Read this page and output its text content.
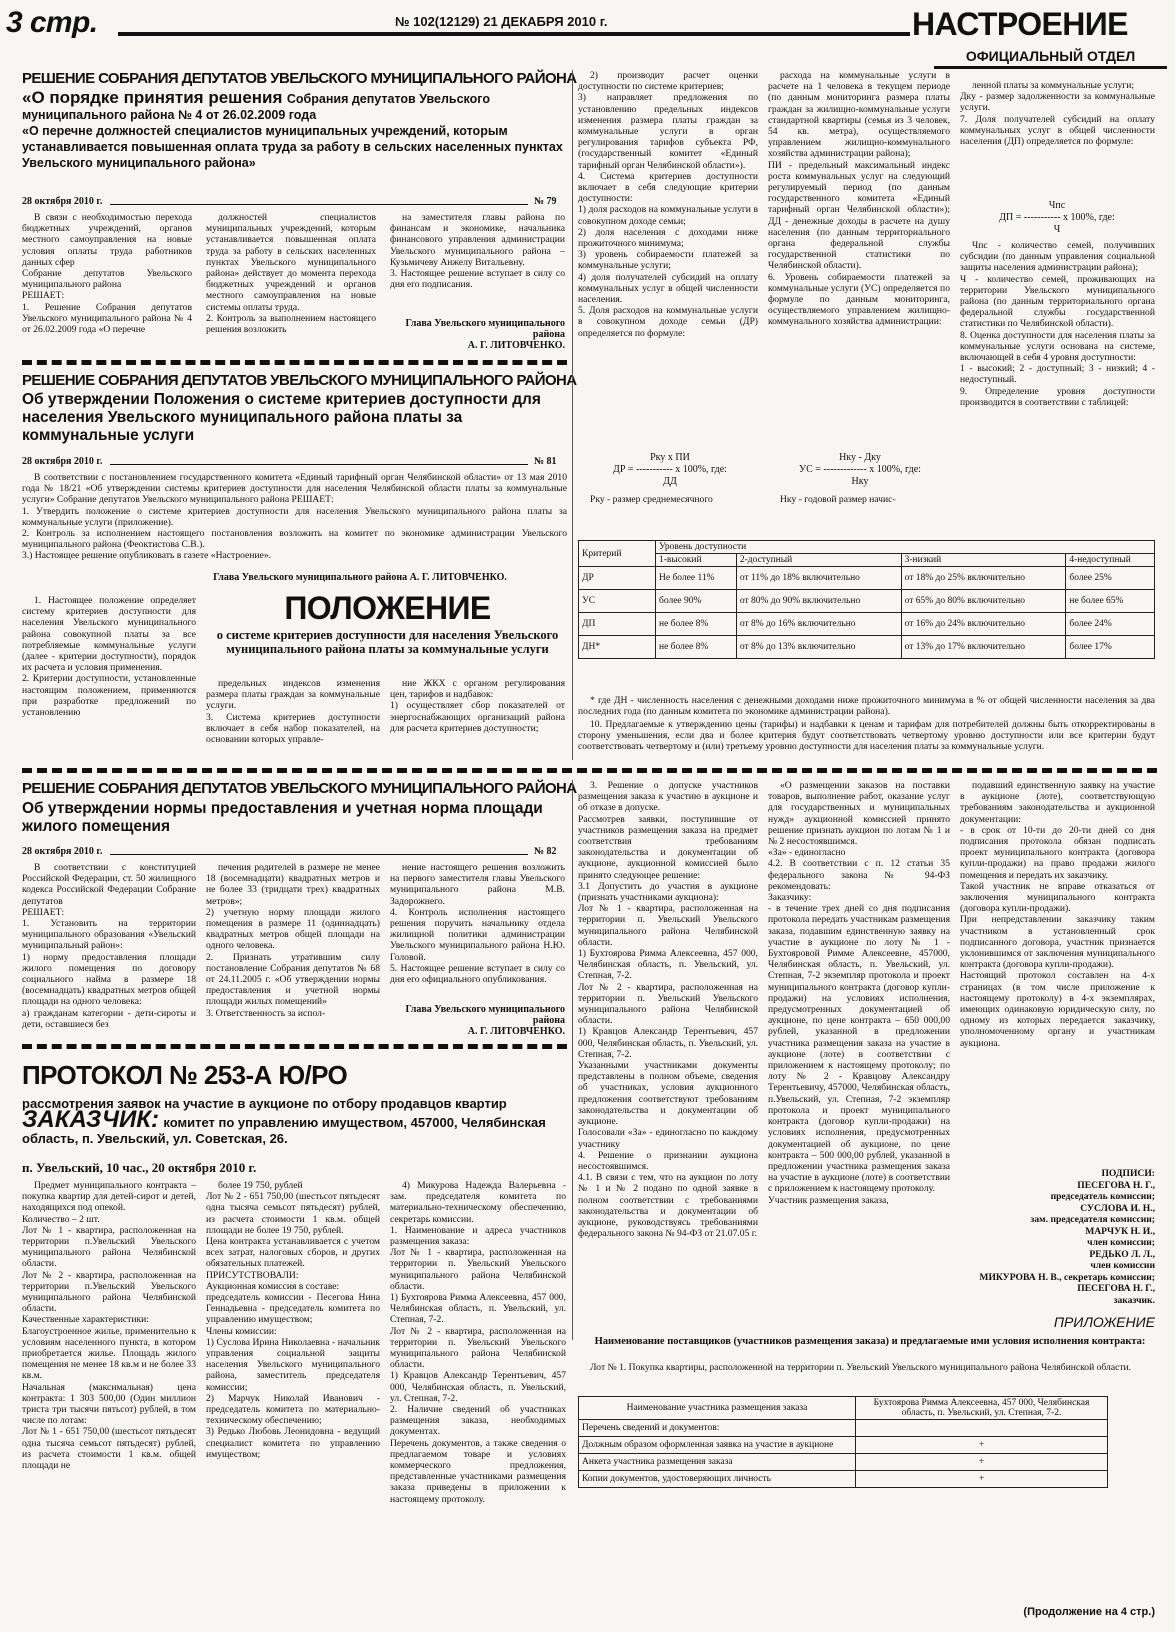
3 стр.	№ 102(12129) 21 ДЕКАБРЯ 2010 г.	НАСТРОЕНИЕ
ОФИЦИАЛЬНЫЙ ОТДЕЛ
РЕШЕНИЕ СОБРАНИЯ ДЕПУТАТОВ УВЕЛЬСКОГО МУНИЦИПАЛЬНОГО РАЙОНА
«О порядке принятия решения Собрания депутатов Увельского муниципального района № 4 от 26.02.2009 года
«О перечне должностей специалистов муниципальных учреждений, которым устанавливается повышенная оплата труда за работу в сельских населенных пунктах Увельского муниципального района»
28 октября 2010 г.	№ 79

В связи с необходимостью перехода бюджетных учреждений, органов местного самоуправления на новые условия оплаты труда работников данных сфер
Собрание депутатов Увельского муниципального района
РЕШАЕТ:
1. Решение Собрания депутатов Увельского муниципального района № 4 от 26.02.2009 года «О перечне

должностей специалистов муниципальных учреждений, которым устанавливается повышенная оплата труда за работу в сельских населенных пунктах Увельского муниципального района» действует до момента перехода бюджетных учреждений и органов местного самоуправления на новые системы оплаты труда.
2. Контроль за выполнением настоящего решения возложить

на заместителя главы района по финансам и экономике, начальника финансового управления администрации Увельского муниципального района – Кузьмичеву Анжелу Витальевну.
3. Настоящее решение вступает в силу со дня его подписания.

Глава Увельского муниципального района
А. Г. ЛИТОВЧЕНКО.
РЕШЕНИЕ СОБРАНИЯ ДЕПУТАТОВ УВЕЛЬСКОГО МУНИЦИПАЛЬНОГО РАЙОНА
Об утверждении Положения о системе критериев доступности для населения Увельского муниципального района платы за коммунальные услуги
28 октября 2010 г.	№ 81

В соответствии с постановлением государственного комитета «Единый тарифный орган Челябинской области» от 13 мая 2010 года № 18/21 «Об утверждении системы критериев доступности для населения Челябинской области платы за коммунальные услуги» Собрание депутатов Увельского муниципального района РЕШАЕТ:
1. Утвердить положение о системе критериев доступности для населения Увельского муниципального района платы за коммунальные услуги (приложение).
2. Контроль за исполнением настоящего постановления возложить на комитет по экономике администрации Увельского муниципального района (Феоктистова С.В.).
3.) Настоящее решение опубликовать в газете «Настроение».

Глава Увельского муниципального района А. Г. ЛИТОВЧЕНКО.
ПОЛОЖЕНИЕ
о системе критериев доступности для населения Увельского муниципального района платы за коммунальные услуги

1. Настоящее положение определяет систему критериев доступности для населения Увельского муниципального района совокупной платы за все потребляемые коммунальные услуги (далее - критерии доступности), порядок их расчета и условия применения.
2. Критерии доступности, установленные настоящим положением, применяются при разработке предложений по установлению

предельных индексов изменения размера платы граждан за коммунальные услуги.
3. Система критериев доступности включает в себя набор показателей, на основании которых управле-

ние ЖКХ с органом регулирования цен, тарифов и надбавок:
1) осуществляет сбор показателей от энергоснабжающих организаций района для расчета критериев доступности;

2) производит расчет оценки доступности по системе критериев;
3) направляет предложения по установлению предельных индексов изменения размера платы граждан за коммунальные услуги в орган регулирования тарифов субъекта РФ, (государственный комитет «Единый тарифный орган Челябинской области»).
4. Система критериев доступности включает в себя следующие критерии доступности:
1) доля расходов на коммунальные услуги в совокупном доходе семьи;
2) доля населения с доходами ниже прожиточного минимума;
3) уровень собираемости платежей за коммунальные услуги;
4) доля получателей субсидий на оплату коммунальных услуг в общей численности населения.
5. Доля расходов на коммунальные услуги в совокупном доходе семьи (ДР) определяется по формуле:

Рку х ПИ
ДР = ----------- х 100%, где:
ДД

Рку - размер среднемесячного

расхода на коммунальные услуги в расчете на 1 человека в текущем периоде (по данным мониторинга размера платы граждан за жилищно-коммунальные услуги стандартной квартиры (семья из 3 человек, 54 кв. метра), осуществляемого управлением жилищно-коммунального хозяйства администрации района);
ПИ - предельный максимальный индекс роста коммунальных услуг на следующий регулируемый период (по данным государственного комитета «Единый тарифный орган Челябинской области»); ДД - денежные доходы в расчете на душу населения (по данным территориального органа федеральной службы государственной статистики по Челябинской области).
6. Уровень собираемости платежей за коммунальные услуги (УС) определяется по формуле по данным мониторинга, осуществляемого управлением жилищно-коммунального хозяйства администрации:

Нку - Дку
УС = ------------- х 100%, где:
Нку

Нку - годовой размер начис-

ленной платы за коммунальные услуги;
Дку - размер задолженности за коммунальные услуги.
7. Доля получателей субсидий на оплату коммунальных услуг в общей численности населения (ДП) определяется по формуле:

Чпс
ДП = ----------- х 100%, где:
Ч

Чпс - количество семей, получивших субсидии (по данным управления социальной защиты населения администрации района);
Ч - количество семей, проживающих на территории Увельского муниципального района (по данным территориального органа федеральной службы государственной статистики по Челябинской области).
8. Оценка доступности для населения платы за коммунальные услуги основана на системе, включающей в себя 4 уровня доступности:
1 - высокий; 2 - доступный; 3 - низкий; 4 - недоступный.
9. Определение уровня доступности производится в соответствии с таблицей:

Критерий	Уровень доступности			
	1-высокий	2-доступный	3-низкий	4-недоступный
ДР	Не более 11%	от 11% до 18% включительно	от 18% до 25% включительно	более 25%
УС	более 90%	от 80% до 90% включительно	от 65% до 80% включительно	не более 65%
ДП	не более 8%	от 8% до 16% включительно	от 16% до 24% включительно	более 24%
ДН*	не более 8%	от 8% до 13% включительно	от 13% до 17% включительно	более 17%

* где ДН - численность населения с денежными доходами ниже прожиточного минимума в % от общей численности населения за два последних года (по данным комитета по экономике администрации района).

10. Предлагаемые к утверждению цены (тарифы) и надбавки к ценам и тарифам для потребителей должны быть откорректированы в сторону уменьшения, если два и более критерия будут соответствовать четвертому уровню доступности или все критерии будут соответствовать четвертому и (или) третьему уровню доступности для населения платы за коммунальные услуги.

РЕШЕНИЕ СОБРАНИЯ ДЕПУТАТОВ УВЕЛЬСКОГО МУНИЦИПАЛЬНОГО РАЙОНА
Об утверждении нормы предоставления и учетная норма площади жилого помещения
28 октября 2010 г.	№ 82

В соответствии с конституцией Российской Федерации, ст. 50 жилищного кодекса Российской Федерации Собрание депутатов
РЕШАЕТ:
1. Установить на территории муниципального образования «Увельский муниципальный район»:
1) норму предоставления площади жилого помещения по договору социального найма в размере 18 (восемнадцать) квадратных метров общей площади на одного человека:
а) гражданам категории - дети-сироты и дети, оставшиеся без

печения родителей в размере не менее 18 (восемнадцати) квадратных метров и не более 33 (тридцати трех) квадратных метров»;
2) учетную норму площади жилого помещения в размере 11 (одиннадцать) квадратных метров общей площади на одного человека.
2. Признать утратившим силу постановление Собрания депутатов № 68 от 24.11.2005 г. «Об утверждении нормы предоставления и учетной нормы площади жилых помещений»
3. Ответственность за испол-

нение настоящего решения возложить на первого заместителя главы Увельского муниципального района М.В. Задорожнего.
4. Контроль исполнения настоящего решения поручить начальнику отдела жилищной политики администрации Увельского муниципального района Н.Ю. Головой.
5. Настоящее решение вступает в силу со дня его официального опубликования.

Глава Увельского муниципального района
А. Г. ЛИТОВЧЕНКО.
ПРОТОКОЛ № 253-А Ю/РО
рассмотрения заявок на участие в аукционе по отбору продавцов квартир
ЗАКАЗЧИК: комитет по управлению имуществом, 457000, Челябинская область, п. Увельский, ул. Советская, 26.
п. Увельский, 10 час., 20 октября 2010 г.

Предмет муниципального контракта – покупка квартир для детей-сирот и детей, находящихся под опекой.
Количество – 2 шт.
Лот № 1 - квартира, расположенная на территории п.Увельский Увельского муниципального района Челябинской области.
Лот № 2 - квартира, расположенная на территории п.Увельский Увельского муниципального района Челябинской области.
Качественные характеристики:
Благоустроенное жилье, применительно к условиям населенного пункта, в котором приобретается жилье. Площадь жилого помещения не менее 18 кв.м и не более 33 кв.м.
Начальная (максимальная) цена контракта: 1 303 500,00 (Один миллион триста три тысячи пятьсот) рублей, в том числе по лотам:
Лот № 1 - 651 750,00 (шестьсот пятьдесят одна тысяча семьсот пятьдесят) рублей, из расчета стоимости 1 кв.м. общей площади не

более 19 750, рублей
Лот № 2 - 651 750,00 (шестьсот пятьдесят одна тысяча семьсот пятьдесят) рублей, из расчета стоимости 1 кв.м. общей площади не более 19 750, рублей.
Цена контракта устанавливается с учетом всех затрат, налоговых сборов, и других обязательных платежей.
ПРИСУТСТВОВАЛИ:
Аукционная комиссия в составе:
председатель комиссии - Песегова Нина Геннадьевна - председатель комитета по управлению имуществом;
Члены комиссии:
1) Суслова Ирина Николаевна - начальник управления социальной защиты населения Увельского муниципального района, заместитель председателя комиссии;
2) Марчук Николай Иванович - председатель комитета по материально-техническому обеспечению;
3) Редько Любовь Леонидовна - ведущий специалист комитета по управлению имуществом;

4) Микурова Надежда Валерьевна - зам. председателя комитета по материально-техническому обеспечению, секретарь комиссии.
1. Наименование и адреса участников размещения заказа:
Лот № 1 - квартира, расположенная на территории п. Увельский Увельского муниципального района Челябинской области.
1) Бухтоярова Римма Алексеевна, 457 000, Челябинская область, п. Увельский, ул. Степная, 7-2.
Лот № 2 - квартира, расположенная на территории п. Увельский Увельского муниципального района Челябинской области.
1) Кравцов Александр Терентьевич, 457 000, Челябинская область, п. Увельский, ул. Степная, 7-2.
2. Наличие сведений об участниках размещения заказа, необходимых документах.
Перечень документов, а также сведения о предлагаемом товаре и условиях коммерческого предложения, представленные участниками размещения заказа приведены в приложении к настоящему протоколу.

3. Решение о допуске участников размещения заказа к участию в аукционе и об отказе в допуске.
Рассмотрев заявки, поступившие от участников размещения заказа на предмет соответствия требованиям законодательства и документации об аукционе, аукционной комиссией было принято следующее решение:
3.1 Допустить до участия в аукционе (признать участниками аукциона):
Лот № 1 - квартира, расположенная на территории п. Увельский Увельского муниципального района Челябинской области.
1) Бухтоярова Римма Алексеевна, 457 000, Челябинская область, п. Увельский, ул. Степная, 7-2.
Лот № 2 - квартира, расположенная на территории п. Увельский Увельского муниципального района Челябинской области.
1) Кравцов Александр Терентьевич, 457 000, Челябинская область, п. Увельский, ул. Степная, 7-2.
Указанными участниками документы представлены в полном объеме, сведения об участниках, условия аукционного предложения соответствуют требованиям законодательства и документации об аукционе.
Голосовали «За» - единогласно по каждому участнику
4. Решение о признании аукциона несостоявшимся.
4.1. В связи с тем, что на аукцион по лоту № 1 и № 2 подано по одной заявке в полном соответствии с требованиями законодательства и документации об аукционе, руководствуясь требованиями федерального закона № 94-ФЗ от 21.07.05 г.

«О размещении заказов на поставки товаров, выполнение работ, оказание услуг для государственных и муниципальных нужд» аукционной комиссией принято решение признать аукцион по лотам № 1 и № 2 несостоявшимся.
«За» - единогласно
4.2. В соответствии с п. 12 статьи 35 федерального закона № 94-ФЗ рекомендовать:
Заказчику:
- в течение трех дней со дня подписания протокола передать участникам размещения заказа, подавшим единственную заявку на участие в аукционе по лоту № 1 - Бухтояровой Римме Алексеевне, 457000, Челябинская область, п. Увельский, ул. Степная, 7-2 экземпляр протокола и проект муниципального контракта (договор купли-продажи) на условиях исполнения, предусмотренных документацией об аукционе, по цене контракта – 650 000,00 рублей, указанной в предложении участника размещения заказа на участие в аукционе (лоте) в соответствии с приложением к настоящему протоколу; по лоту № 2 - Кравцову Александру Терентьевичу, 457000, Челябинская область, п.Увельский, ул. Степная, 7-2 экземпляр протокола и проект муниципального контракта (договор купли-продажи) на условиях исполнения, предусмотренных документацией об аукционе, по цене контракта – 500 000,00 рублей, указанной в предложении участника размещения заказа на участие в аукционе (лоте) в соответствии с приложением к настоящему протоколу.
Участник размещения заказа,

подавший единственную заявку на участие в аукционе (лоте), соответствующую требованиям законодательства и аукционной документации:
- в срок от 10-ти до 20-ти дней со дня подписания протокола обязан подписать проект муниципального контракта (договора купли-продажи) на право продажи жилого помещения и передать их заказчику.
Такой участник не вправе отказаться от заключения муниципального контракта (договора купли-продажи).
При непредставлении заказчику таким участником в установленный срок подписанного договора, участник признается уклонившимся от заключения муниципального контракта (договора купли-продажи).
Настоящий протокол составлен на 4-х страницах (в том числе приложение к настоящему протоколу) в 4-х экземплярах, имеющих одинаковую юридическую силу, по одному из которых передается заказчику, уполномоченному органу и участникам аукциона.

ПОДПИСИ:
ПЕСЕГОВА Н. Г.,
председатель комиссии;
СУСЛОВА И. Н.,
зам. председателя комиссии;
МАРЧУК Н. И.,
член комиссии;
РЕДЬКО Л. Л.,
член комиссии
МИКУРОВА Н. В., секретарь комиссии;
ПЕСЕГОВА Н. Г.,
заказчик.
ПРИЛОЖЕНИЕ
Наименование поставщиков (участников размещения заказа) и предлагаемые ими условия исполнения контракта:

Лот № 1. Покупка квартиры, расположенной на территории п. Увельский Увельского муниципального района Челябинской области.

Наименование участника размещения заказа	Бухтоярова Римма Алексеевна, 457 000, Челябинская область, п. Увельский, ул. Степная, 7-2.
Перечень сведений и документов:	
Должным образом оформленная заявка на участие в аукционе	+
Анкета участника размещения заказа	+
Копии документов, удостоверяющих личность	+
(Продолжение на 4 стр.)
